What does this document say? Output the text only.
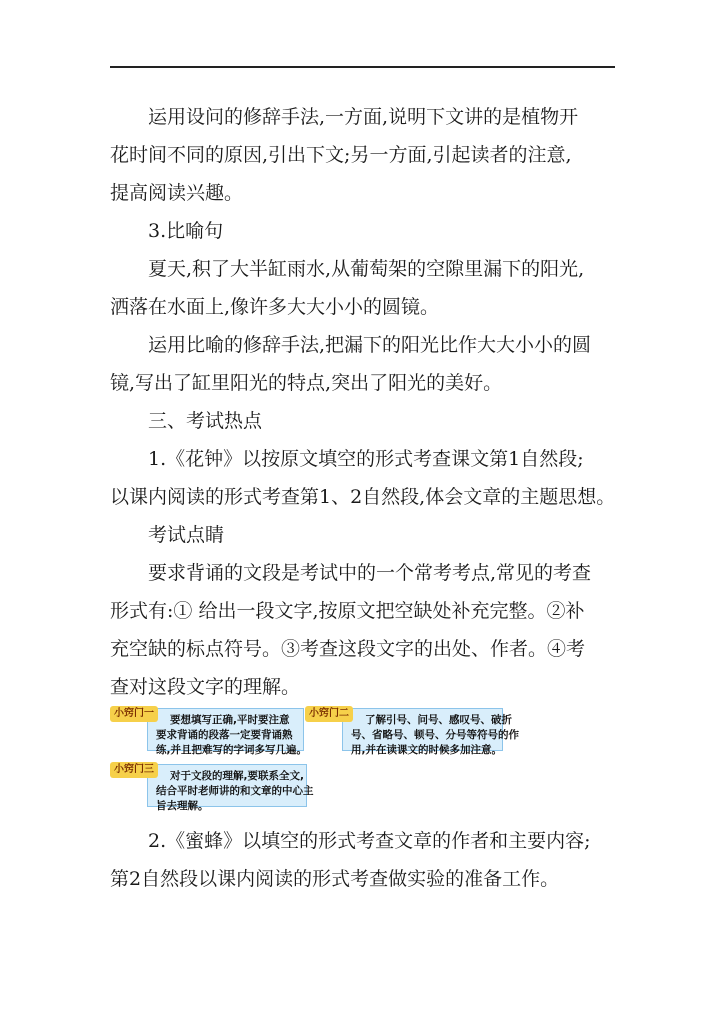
运用设问的修辞手法,一方面,说明下文讲的是植物开
花时间不同的原因,引出下文;另一方面,引起读者的注意,
提高阅读兴趣。

3.比喻句

夏天,积了大半缸雨水,从葡萄架的空隙里漏下的阳光,
洒落在水面上,像许多大大小小的圆镜。

运用比喻的修辞手法,把漏下的阳光比作大大小小的圆
镜,写出了缸里阳光的特点,突出了阳光的美好。

三、考试热点

1.《花钟》以按原文填空的形式考查课文第1自然段;
以课内阅读的形式考查第1、2自然段,体会文章的主题思想。

考试点睛

要求背诵的文段是考试中的一个常考考点,常见的考查
形式有:① 给出一段文字,按原文把空缺处补充完整。②补
充空缺的标点符号。③考查这段文字的出处、作者。④考
查对这段文字的理解。

要想填写正确,平时要注意
要求背诵的段落一定要背诵熟
练,并且把难写的字词多写几遍。
小窍门一
了解引号、问号、感叹号、破折
号、省略号、顿号、分号等符号的作
用,并在读课文的时候多加注意。
小窍门二
对于文段的理解,要联系全文,
结合平时老师讲的和文章的中心主
旨去理解。
小窍门三

2.《蜜蜂》以填空的形式考查文章的作者和主要内容;
第2自然段以课内阅读的形式考查做实验的准备工作。
